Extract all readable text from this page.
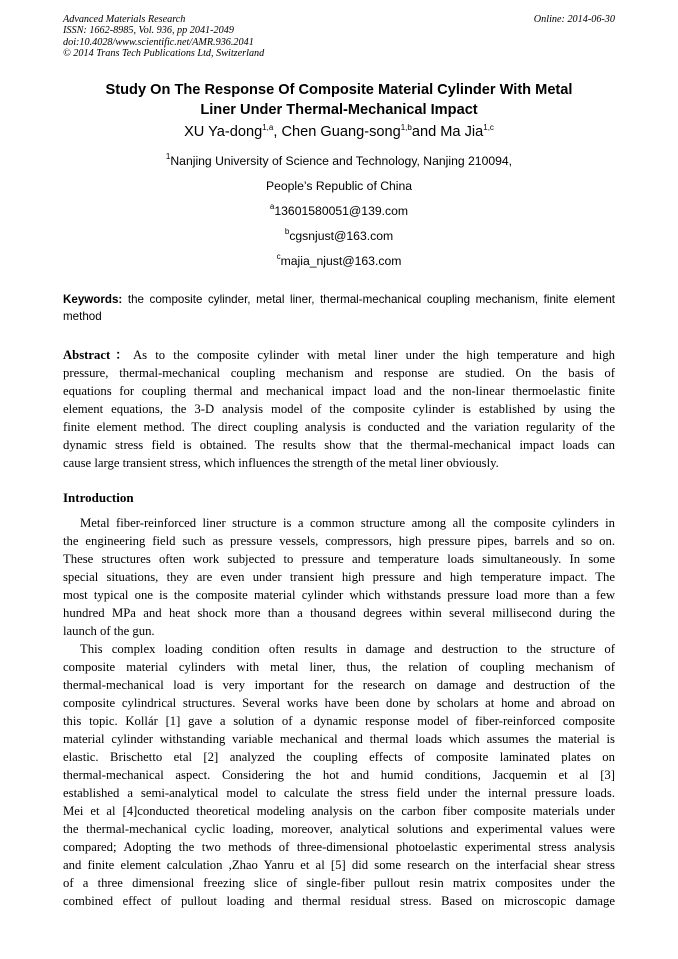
Advanced Materials Research	Online: 2014-06-30
ISSN: 1662-8985, Vol. 936, pp 2041-2049
doi:10.4028/www.scientific.net/AMR.936.2041
© 2014 Trans Tech Publications Ltd, Switzerland
Study On The Response Of Composite Material Cylinder With Metal
Liner Under Thermal-Mechanical Impact
XU Ya-dong$^{1,a}$, Chen Guang-song$^{1,b}$and Ma Jia$^{1,c}$
$^1$Nanjing University of Science and Technology, Nanjing 210094,
People’s Republic of China
$^a$13601580051@139.com
$^b$cgsnjust@163.com
$^c$majia_njust@163.com
Keywords: the composite cylinder, metal liner, thermal-mechanical coupling mechanism, finite element method
Abstract：As to the composite cylinder with metal liner under the high temperature and high
pressure, thermal-mechanical coupling mechanism and response are studied. On the basis of
equations for coupling thermal and mechanical impact load and the non-linear thermoelastic finite
element equations, the 3-D analysis model of the composite cylinder is established by using the
finite element method. The direct coupling analysis is conducted and the variation regularity of the
dynamic stress field is obtained. The results show that the thermal-mechanical impact loads can
cause large transient stress, which influences the strength of the metal liner obviously.
Introduction
Metal fiber-reinforced liner structure is a common structure among all the composite cylinders in
the engineering field such as pressure vessels, compressors, high pressure pipes, barrels and so on.
These structures often work subjected to pressure and temperature loads simultaneously. In some
special situations, they are even under transient high pressure and high temperature impact. The
most typical one is the composite material cylinder which withstands pressure load more than a few
hundred MPa and heat shock more than a thousand degrees within several millisecond during the
launch of the gun.
This complex loading condition often results in damage and destruction to the structure of
composite material cylinders with metal liner, thus, the relation of coupling mechanism of
thermal-mechanical load is very important for the research on damage and destruction of the
composite cylindrical structures. Several works have been done by scholars at home and abroad on
this topic. Kollár [1] gave a solution of a dynamic response model of fiber-reinforced composite
material cylinder withstanding variable mechanical and thermal loads which assumes the material is
elastic. Brischetto etal [2] analyzed the coupling effects of composite laminated plates on
thermal-mechanical aspect. Considering the hot and humid conditions, Jacquemin et al [3]
established a semi-analytical model to calculate the stress field under the internal pressure loads.
Mei et al [4]conducted theoretical modeling analysis on the carbon fiber composite materials under
the thermal-mechanical cyclic loading, moreover, analytical solutions and experimental values were
compared; Adopting the two methods of three-dimensional photoelastic experimental stress analysis
and finite element calculation ,Zhao Yanru et al [5] did some research on the interfacial shear stress
of a three dimensional freezing slice of single-fiber pullout resin matrix composites under the
combined effect of pullout loading and thermal residual stress. Based on microscopic damage
